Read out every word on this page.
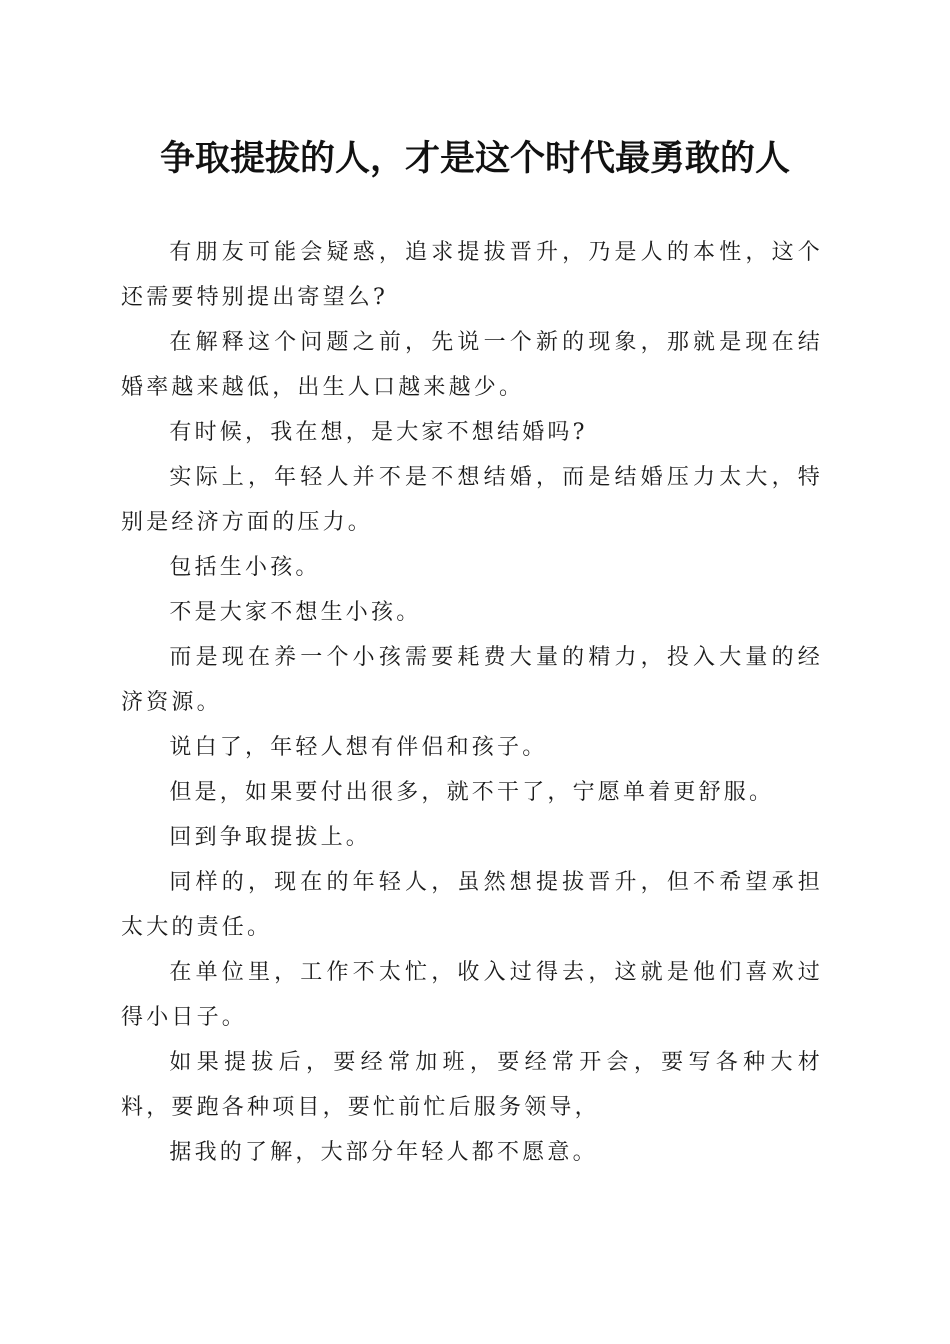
争取提拔的人，才是这个时代最勇敢的人

有朋友可能会疑惑，追求提拔晋升，乃是人的本性，这个还需要特别提出寄望么?

在解释这个问题之前，先说一个新的现象，那就是现在结婚率越来越低，出生人口越来越少。

有时候，我在想，是大家不想结婚吗?

实际上，年轻人并不是不想结婚，而是结婚压力太大，特别是经济方面的压力。

包括生小孩。

不是大家不想生小孩。

而是现在养一个小孩需要耗费大量的精力，投入大量的经济资源。

说白了，年轻人想有伴侣和孩子。

但是，如果要付出很多，就不干了，宁愿单着更舒服。

回到争取提拔上。

同样的，现在的年轻人，虽然想提拔晋升，但不希望承担太大的责任。

在单位里，工作不太忙，收入过得去，这就是他们喜欢过得小日子。

如果提拔后，要经常加班，要经常开会，要写各种大材料，要跑各种项目，要忙前忙后服务领导，

据我的了解，大部分年轻人都不愿意。
